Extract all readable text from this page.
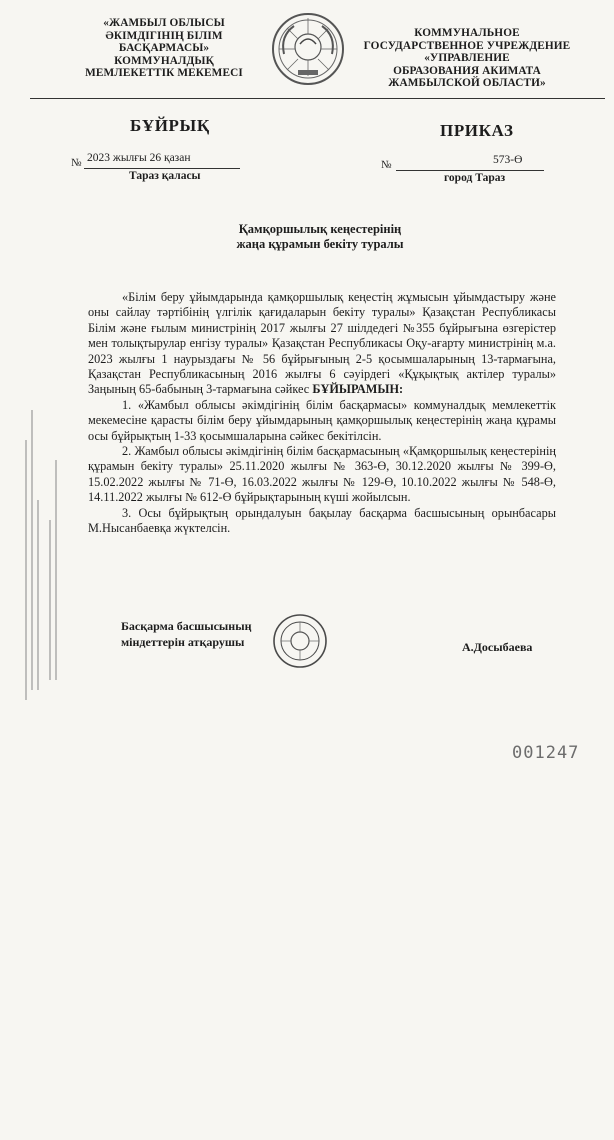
«ЖАМБЫЛ ОБЛЫСЫ
ӘКІМДІГІНІҢ БІЛІМ
БАСҚАРМАСЫ»
КОММУНАЛДЫҚ
МЕМЛЕКЕТТІК МЕКЕМЕСІ
КОММУНАЛЬНОЕ
ГОСУДАРСТВЕННОЕ УЧРЕЖДЕНИЕ
«УПРАВЛЕНИЕ
ОБРАЗОВАНИЯ АКИМАТА
ЖАМБЫЛСКОЙ ОБЛАСТИ»
БҰЙРЫҚ	ПРИКАЗ
№ 2023 жылғы 26 қазан
Тараз қаласы
№	573-Ө
город Тараз
Қамқоршылық кеңестерінің
жаңа құрамын бекіту туралы

«Білім беру ұйымдарында қамқоршылық кеңестің жұмысын ұйымдастыру және оны сайлау тәртібінің үлгілік қағидаларын бекіту туралы» Қазақстан Республикасы Білім және ғылым министрінің 2017 жылғы 27 шілдедегі №355 бұйрығына өзгерістер мен толықтырулар енгізу туралы» Қазақстан Республикасы Оқу-ағарту министрінің м.а. 2023 жылғы 1 наурыздағы № 56 бұйрығының 2-5 қосымшаларының 13-тармағына, Қазақстан Республикасының 2016 жылғы 6 сәуірдегі «Құқықтық актілер туралы» Заңының 65-бабының 3-тармағына сәйкес БҰЙЫРАМЫН:

1. «Жамбыл облысы әкімдігінің білім басқармасы» коммуналдық мемлекеттік мекемесіне қарасты білім беру ұйымдарының қамқоршылық кеңестерінің жаңа құрамы осы бұйрықтың 1-33 қосымшаларына сәйкес бекітілсін.

2. Жамбыл облысы әкімдігінің білім басқармасының «Қамқоршылық кеңестерінің құрамын бекіту туралы» 25.11.2020 жылғы № 363-Ө, 30.12.2020 жылғы № 399-Ө, 15.02.2022 жылғы № 71-Ө, 16.03.2022 жылғы № 129-Ө, 10.10.2022 жылғы № 548-Ө, 14.11.2022 жылғы № 612-Ө бұйрықтарының күші жойылсын.

3. Осы бұйрықтың орындалуын бақылау басқарма басшысының орынбасары М.Нысанбаевқа жүктелсін.

Басқарма басшысының
міндеттерін атқарушы	А.Досыбаева
001247
